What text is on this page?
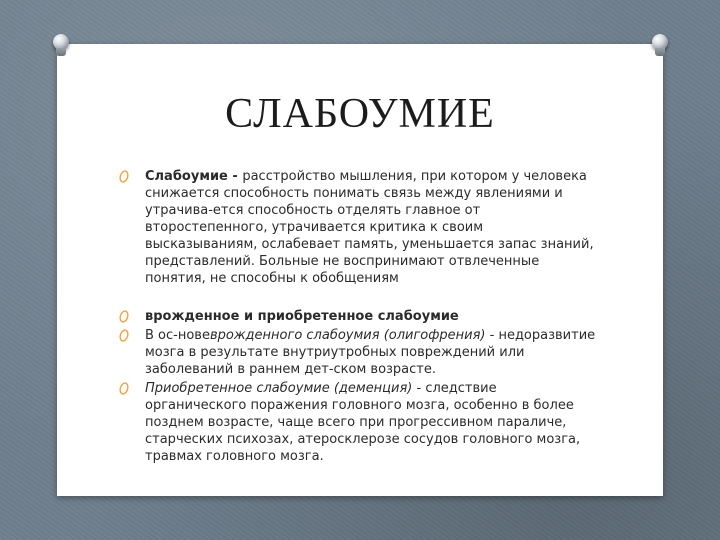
СЛАБОУМИЕ
Слабоумие - расстройство мышления, при котором у человека снижается способность понимать связь между явлениями и утрачива-ется способность отделять главное от второстепенного, утрачивается критика к своим высказываниям, ослабевает память, уменьшается запас знаний, представлений. Больные не воспринимают отвлеченные понятия, не способны к обобщениям
врожденное и приобретенное слабоумие
В ос-новеврожденного слабоумия (олигофрения) - недоразвитие мозга в результате внутриутробных повреждений или заболеваний в раннем дет-ском возрасте.
Приобретенное слабоумие (деменция) - следствие органического поражения головного мозга, особенно в более позднем возрасте, чаще всего при прогрессивном параличе, старческих психозах, атеросклерозе сосудов головного мозга, травмах головного мозга.
